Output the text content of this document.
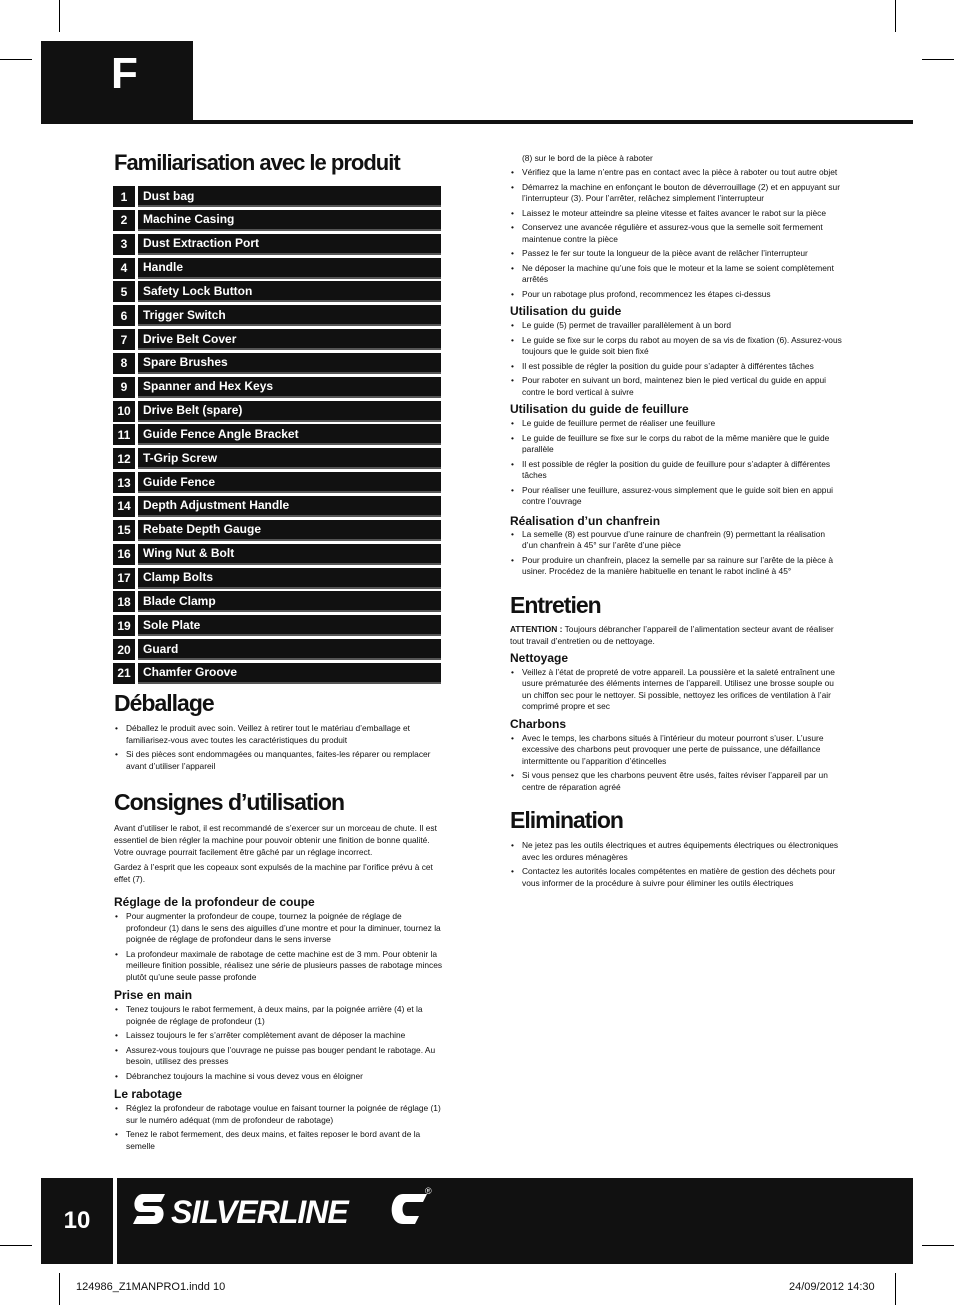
F
Familiarisation avec le produit
1	Dust bag
2	Machine Casing
3	Dust Extraction Port
4	Handle
5	Safety Lock Button
6	Trigger Switch
7	Drive Belt Cover
8	Spare Brushes
9	Spanner and Hex Keys
10	Drive Belt (spare)
11	Guide Fence Angle Bracket
12	T-Grip Screw
13	Guide Fence
14	Depth Adjustment Handle
15	Rebate Depth Gauge
16	Wing Nut & Bolt
17	Clamp Bolts
18	Blade Clamp
19	Sole Plate
20	Guard
21	Chamfer Groove
Déballage
• Déballez le produit avec soin. Veillez à retirer tout le matériau d’emballage et familiarisez-vous avec toutes les caractéristiques du produit
• Si des pièces sont endommagées ou manquantes, faites-les réparer ou remplacer avant d’utiliser l’appareil
Consignes d’utilisation

Avant d’utiliser le rabot, il est recommandé de s’exercer sur un morceau de chute. Il est essentiel de bien régler la machine pour pouvoir obtenir une finition de bonne qualité. Votre ouvrage pourrait facilement être gâché par un réglage incorrect.

Gardez à l’esprit que les copeaux sont expulsés de la machine par l’orifice prévu à cet effet (7).

Réglage de la profondeur de coupe

• Pour augmenter la profondeur de coupe, tournez la poignée de réglage de profondeur (1) dans le sens des aiguilles d’une montre et pour la diminuer, tournez la poignée de réglage de profondeur dans le sens inverse
• La profondeur maximale de rabotage de cette machine est de 3 mm. Pour obtenir la meilleure finition possible, réalisez une série de plusieurs passes de rabotage minces plutôt qu’une seule passe profonde

Prise en main

• Tenez toujours le rabot fermement, à deux mains, par la poignée arrière (4) et la poignée de réglage de profondeur (1)
• Laissez toujours le fer s’arrêter complètement avant de déposer la machine
• Assurez-vous toujours que l’ouvrage ne puisse pas bouger pendant le rabotage. Au besoin, utilisez des presses
• Débranchez toujours la machine si vous devez vous en éloigner

Le rabotage

• Réglez la profondeur de rabotage voulue en faisant tourner la poignée de réglage (1) sur le numéro adéquat (mm de profondeur de rabotage)
• Tenez le rabot fermement, des deux mains, et faites reposer le bord avant de la semelle

(8) sur le bord de la pièce à raboter

• Vérifiez que la lame n’entre pas en contact avec la pièce à raboter ou tout autre objet
• Démarrez la machine en enfonçant le bouton de déverrouillage (2) et en appuyant sur l’interrupteur (3). Pour l’arrêter, relâchez simplement l’interrupteur
• Laissez le moteur atteindre sa pleine vitesse et faites avancer le rabot sur la pièce
• Conservez une avancée régulière et assurez-vous que la semelle soit fermement maintenue contre la pièce
• Passez le fer sur toute la longueur de la pièce avant de relâcher l’interrupteur
• Ne déposer la machine qu’une fois que le moteur et la lame se soient complètement arrêtés
• Pour un rabotage plus profond, recommencez les étapes ci-dessus

Utilisation du guide

• Le guide (5) permet de travailler parallèlement à un bord
• Le guide se fixe sur le corps du rabot au moyen de sa vis de fixation (6). Assurez-vous toujours que le guide soit bien fixé
• Il est possible de régler la position du guide pour s’adapter à différentes tâches
• Pour raboter en suivant un bord, maintenez bien le pied vertical du guide en appui contre le bord vertical à suivre

Utilisation du guide de feuillure

• Le guide de feuillure permet de réaliser une feuillure
• Le guide de feuillure se fixe sur le corps du rabot de la même manière que le guide parallèle
• Il est possible de régler la position du guide de feuillure pour s’adapter à différentes tâches
• Pour réaliser une feuillure, assurez-vous simplement que le guide soit bien en appui contre l’ouvrage

Réalisation d’un chanfrein

• La semelle (8) est pourvue d’une rainure de chanfrein (9) permettant la réalisation d’un chanfrein à 45° sur l’arête d’une pièce
• Pour produire un chanfrein, placez la semelle par sa rainure sur l’arête de la pièce à usiner. Procédez de la manière habituelle en tenant le rabot incliné à 45°
Entretien

ATTENTION : Toujours débrancher l’appareil de l’alimentation secteur avant de réaliser tout travail d’entretien ou de nettoyage.

Nettoyage

• Veillez à l’état de propreté de votre appareil. La poussière et la saleté entraînent une usure prématurée des éléments internes de l’appareil. Utilisez une brosse souple ou un chiffon sec pour le nettoyer. Si possible, nettoyez les orifices de ventilation à l’air comprimé propre et sec

Charbons

• Avec le temps, les charbons situés à l’intérieur du moteur pourront s’user. L’usure excessive des charbons peut provoquer une perte de puissance, une défaillance intermittente ou l’apparition d’étincelles
• Si vous pensez que les charbons peuvent être usés, faites réviser l’appareil par un centre de réparation agréé
Elimination
• Ne jetez pas les outils électriques et autres équipements électriques ou électroniques avec les ordures ménagères
• Contactez les autorités locales compétentes en matière de gestion des déchets pour vous informer de la procédure à suivre pour éliminer les outils électriques
10	SILVERLINE
®
124986_Z1MANPRO1.indd 10	24/09/2012 14:30
